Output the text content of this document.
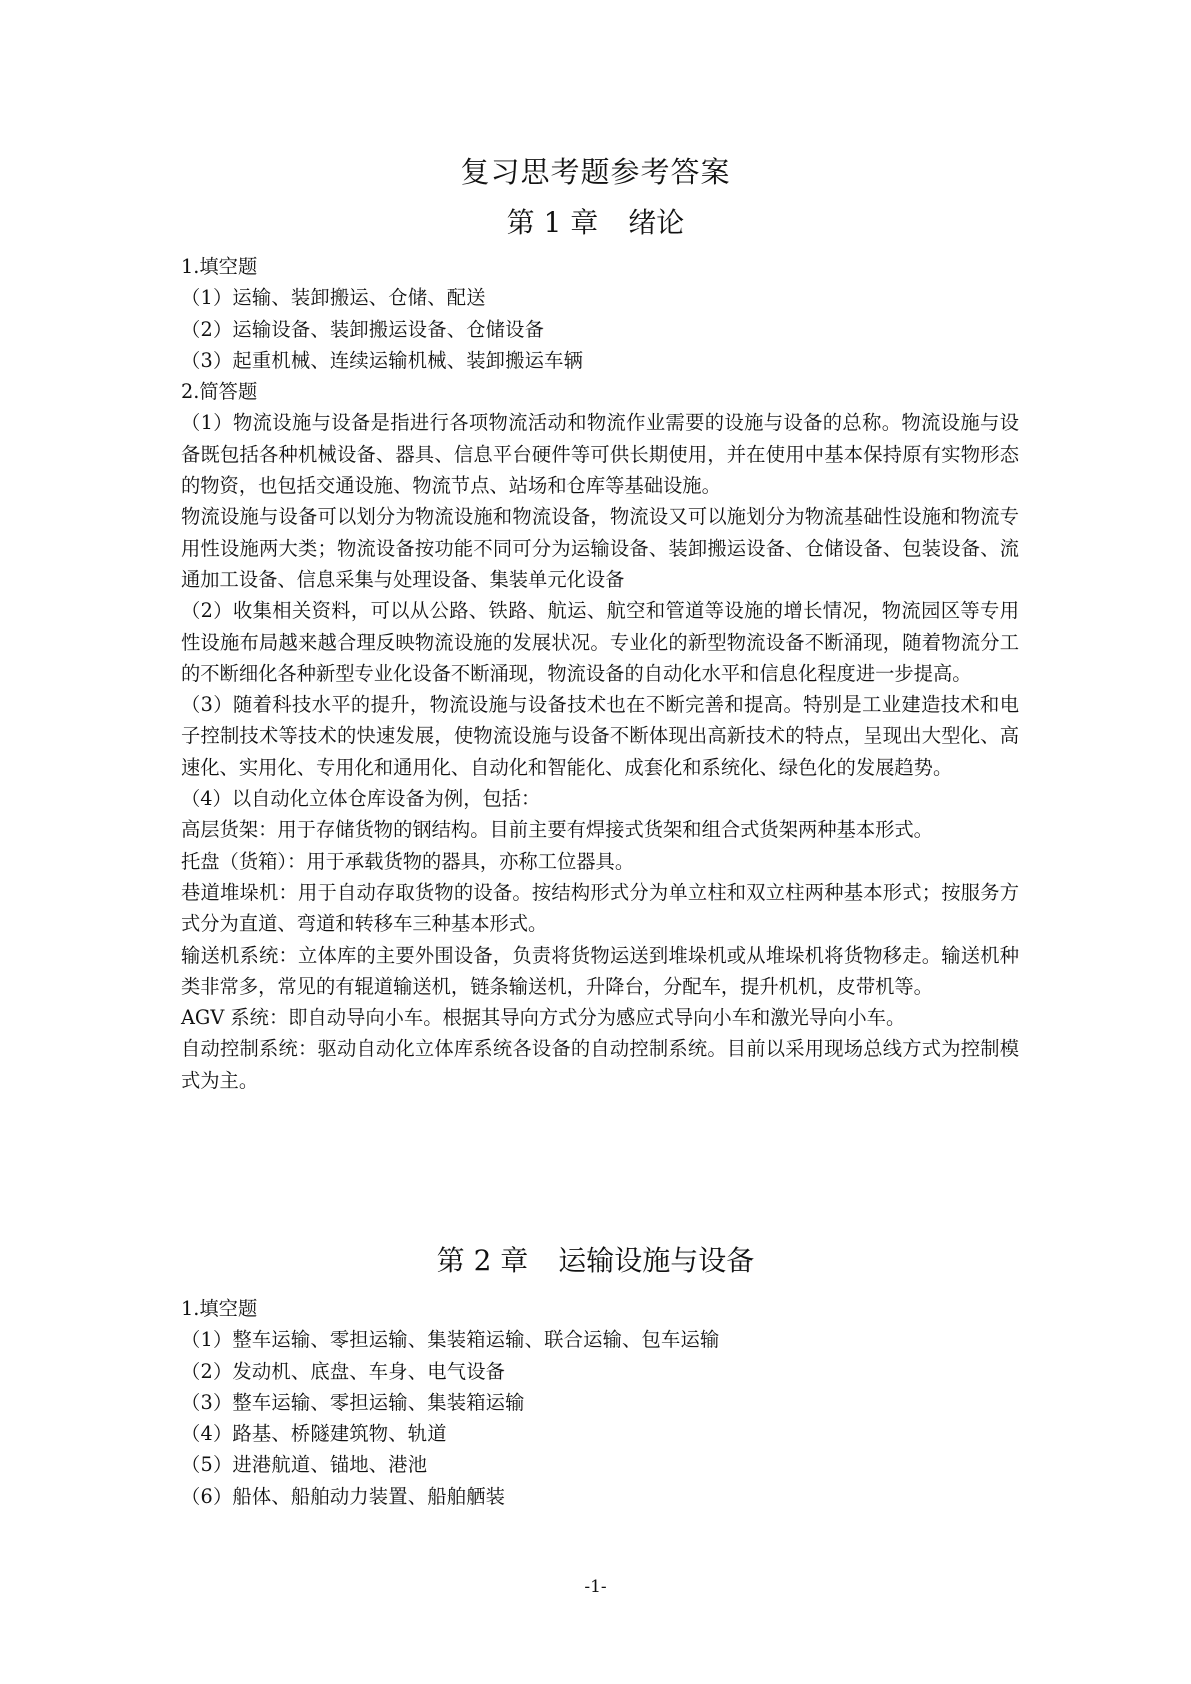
复习思考题参考答案
第 1 章 绪论

1.填空题

（1）运输、装卸搬运、仓储、配送

（2）运输设备、装卸搬运设备、仓储设备

（3）起重机械、连续运输机械、装卸搬运车辆

2.简答题

（1）物流设施与设备是指进行各项物流活动和物流作业需要的设施与设备的总称。物流设施与设备既包括各种机械设备、器具、信息平台硬件等可供长期使用，并在使用中基本保持原有实物形态的物资，也包括交通设施、物流节点、站场和仓库等基础设施。

物流设施与设备可以划分为物流设施和物流设备，物流设又可以施划分为物流基础性设施和物流专用性设施两大类；物流设备按功能不同可分为运输设备、装卸搬运设备、仓储设备、包装设备、流通加工设备、信息采集与处理设备、集装单元化设备

（2）收集相关资料，可以从公路、铁路、航运、航空和管道等设施的增长情况，物流园区等专用性设施布局越来越合理反映物流设施的发展状况。专业化的新型物流设备不断涌现，随着物流分工的不断细化各种新型专业化设备不断涌现，物流设备的自动化水平和信息化程度进一步提高。

（3）随着科技水平的提升，物流设施与设备技术也在不断完善和提高。特别是工业建造技术和电子控制技术等技术的快速发展，使物流设施与设备不断体现出高新技术的特点，呈现出大型化、高速化、实用化、专用化和通用化、自动化和智能化、成套化和系统化、绿色化的发展趋势。

（4）以自动化立体仓库设备为例，包括：

高层货架：用于存储货物的钢结构。目前主要有焊接式货架和组合式货架两种基本形式。

托盘（货箱）：用于承载货物的器具，亦称工位器具。

巷道堆垛机：用于自动存取货物的设备。按结构形式分为单立柱和双立柱两种基本形式；按服务方式分为直道、弯道和转移车三种基本形式。

输送机系统：立体库的主要外围设备，负责将货物运送到堆垛机或从堆垛机将货物移走。输送机种类非常多，常见的有辊道输送机，链条输送机，升降台，分配车，提升机机，皮带机等。

AGV 系统：即自动导向小车。根据其导向方式分为感应式导向小车和激光导向小车。

自动控制系统：驱动自动化立体库系统各设备的自动控制系统。目前以采用现场总线方式为控制模式为主。

第 2 章 运输设施与设备

1.填空题

（1）整车运输、零担运输、集装箱运输、联合运输、包车运输

（2）发动机、底盘、车身、电气设备

（3）整车运输、零担运输、集装箱运输

（4）路基、桥隧建筑物、轨道

（5）进港航道、锚地、港池

（6）船体、船舶动力装置、船舶舾装

-1-
